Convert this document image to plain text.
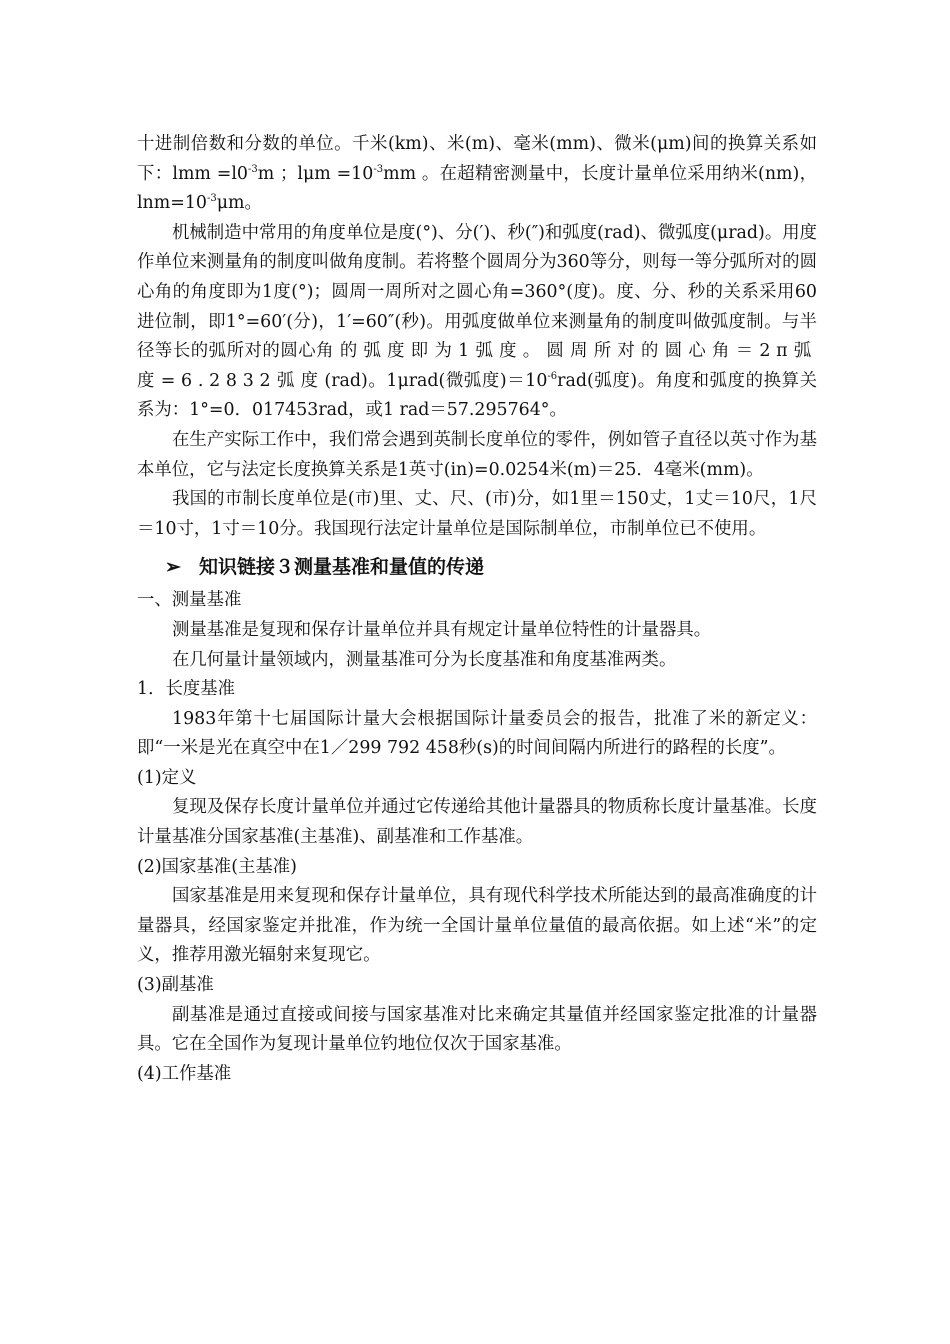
十进制倍数和分数的单位。千米(km)、米(m)、毫米(mm)、微米(μm)间的换算关系如下：lmm $=l0^{-3}m$ ；$l\mu m =10^{-3}mm$ 。在超精密测量中，长度计量单位采用纳米(nm)，$\ln m=10^{-3}\mu m$。

机械制造中常用的角度单位是度(°)、分(′)、秒(″)和弧度(rad)、微弧度(μrad)。用度作单位来测量角的制度叫做角度制。若将整个圆周分为360等分，则每一等分弧所对的圆心角的角度即为1度(°)；圆周一周所对之圆心角=360°(度)。度、分、秒的关系采用60进位制，即1°=60′(分)，1′=60″(秒)。用弧度做单位来测量角的制度叫做弧度制。与半径等长的弧所对的圆心角的弧度即为1弧度。圆周所对的圆心角＝2π弧度=6.2832弧度(rad)。1μrad(微弧度)$=10^{-6}rad$(弧度)。角度和弧度的换算关系为：1°=0．017453rad，或1 rad＝57.295764°。

在生产实际工作中，我们常会遇到英制长度单位的零件，例如管子直径以英寸作为基本单位，它与法定长度换算关系是1英寸(in)=0.0254米(m)＝25．4毫米(mm)。

我国的市制长度单位是(市)里、丈、尺、(市)分，如1里＝150丈，1丈＝10尺，1尺＝10寸，1寸＝10分。我国现行法定计量单位是国际制单位，市制单位已不使用。

➢ 知识链接３测量基准和量值的传递

一、测量基准

测量基准是复现和保存计量单位并具有规定计量单位特性的计量器具。

在几何量计量领域内，测量基准可分为长度基准和角度基准两类。

1．长度基准

1983年第十七届国际计量大会根据国际计量委员会的报告，批准了米的新定义：即“一米是光在真空中在1／299 792 458秒(s)的时间间隔内所进行的路程的长度”。

(1)定义

复现及保存长度计量单位并通过它传递给其他计量器具的物质称长度计量基准。长度计量基准分国家基准(主基准)、副基准和工作基准。

(2)国家基准(主基准)

国家基准是用来复现和保存计量单位，具有现代科学技术所能达到的最高准确度的计量器具，经国家鉴定并批准，作为统一全国计量单位量值的最高依据。如上述“米”的定义，推荐用激光辐射来复现它。

(3)副基准

副基准是通过直接或间接与国家基准对比来确定其量值并经国家鉴定批准的计量器具。它在全国作为复现计量单位钓地位仅次于国家基准。

(4)工作基准
